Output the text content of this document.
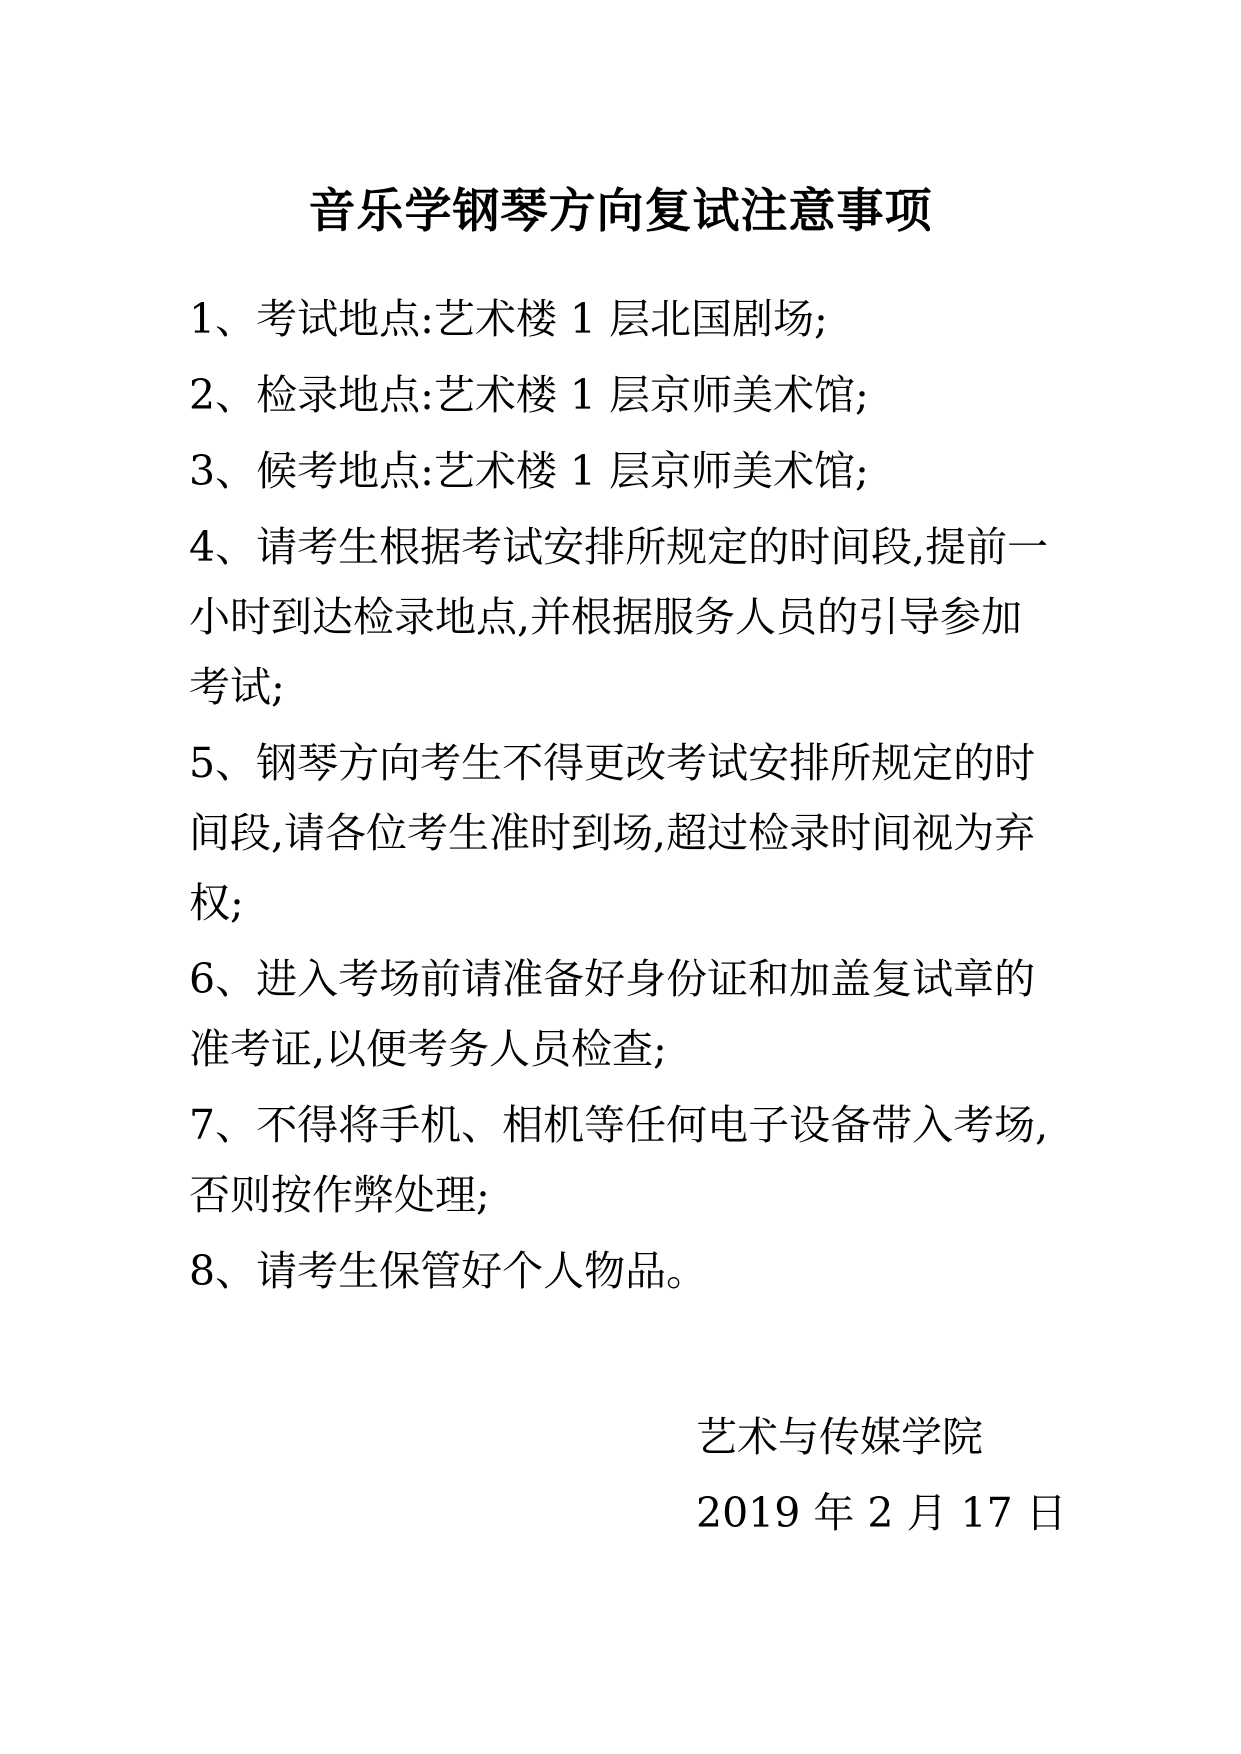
音乐学钢琴方向复试注意事项
1、考试地点:艺术楼 1 层北国剧场;
2、检录地点:艺术楼 1 层京师美术馆;
3、候考地点:艺术楼 1 层京师美术馆;
4、请考生根据考试安排所规定的时间段,提前一小时到达检录地点,并根据服务人员的引导参加考试;
5、钢琴方向考生不得更改考试安排所规定的时间段,请各位考生准时到场,超过检录时间视为弃权;
6、进入考场前请准备好身份证和加盖复试章的准考证,以便考务人员检查;
7、不得将手机、相机等任何电子设备带入考场,否则按作弊处理;
8、请考生保管好个人物品。
艺术与传媒学院
2019 年 2 月 17 日
